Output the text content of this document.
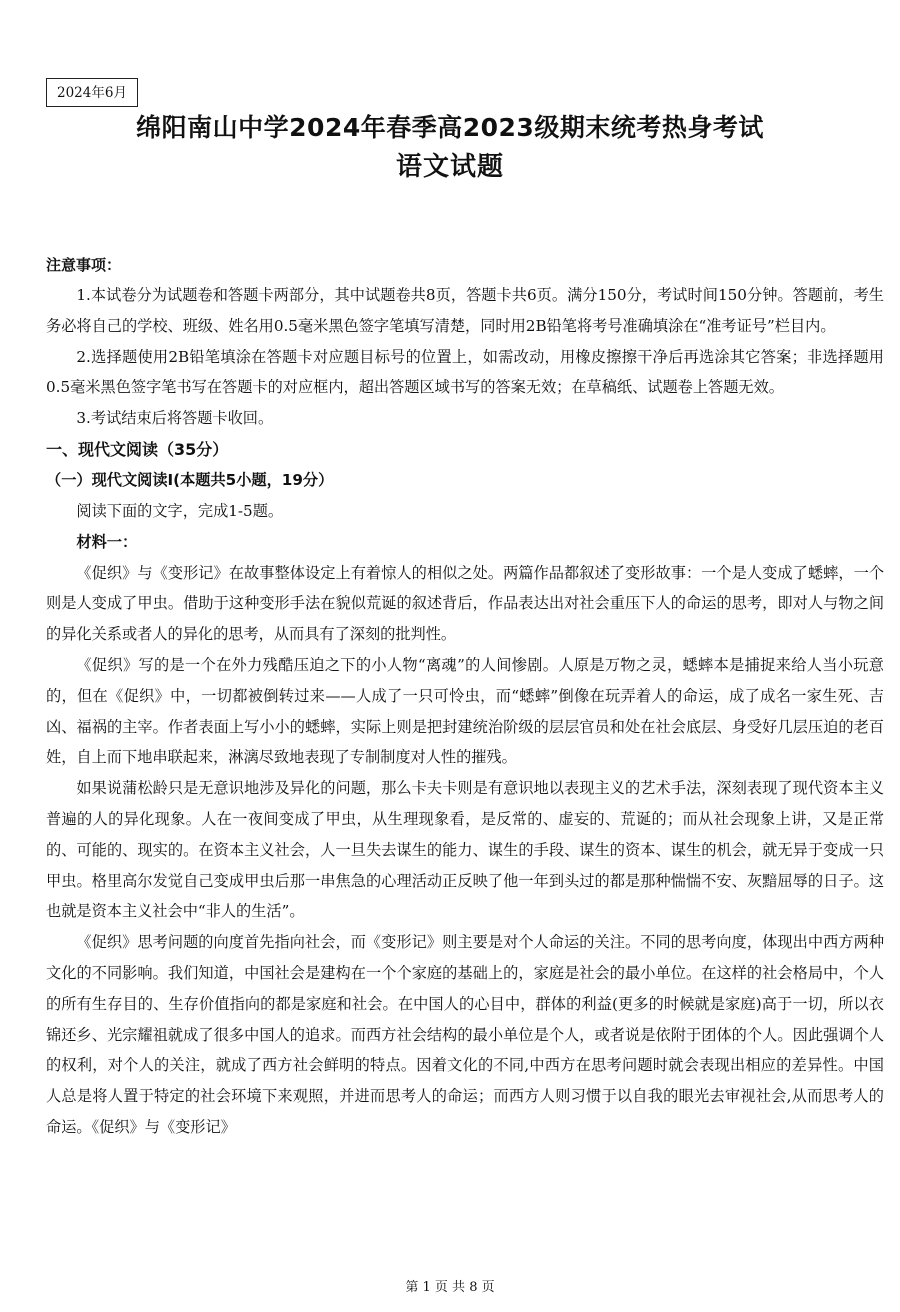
2024年6月
绵阳南山中学2024年春季高2023级期末统考热身考试
语文试题

注意事项：

1.本试卷分为试题卷和答题卡两部分，其中试题卷共8页，答题卡共6页。满分150分，考试时间150分钟。答题前，考生务必将自己的学校、班级、姓名用0.5毫米黑色签字笔填写清楚，同时用2B铅笔将考号准确填涂在“准考证号”栏目内。

2.选择题使用2B铅笔填涂在答题卡对应题目标号的位置上，如需改动，用橡皮擦擦干净后再选涂其它答案；非选择题用0.5毫米黑色签字笔书写在答题卡的对应框内，超出答题区域书写的答案无效；在草稿纸、试题卷上答题无效。

3.考试结束后将答题卡收回。

一、现代文阅读（35分）

（一）现代文阅读Ⅰ(本题共5小题，19分）

阅读下面的文字，完成1-5题。

材料一：

《促织》与《变形记》在故事整体设定上有着惊人的相似之处。两篇作品都叙述了变形故事：一个是人变成了蟋蟀，一个则是人变成了甲虫。借助于这种变形手法在貌似荒诞的叙述背后，作品表达出对社会重压下人的命运的思考，即对人与物之间的异化关系或者人的异化的思考，从而具有了深刻的批判性。

《促织》写的是一个在外力残酷压迫之下的小人物“离魂”的人间惨剧。人原是万物之灵，蟋蟀本是捕捉来给人当小玩意的，但在《促织》中，一切都被倒转过来——人成了一只可怜虫，而“蟋蟀”倒像在玩弄着人的命运，成了成名一家生死、吉凶、福祸的主宰。作者表面上写小小的蟋蟀，实际上则是把封建统治阶级的层层官员和处在社会底层、身受好几层压迫的老百姓，自上而下地串联起来，淋漓尽致地表现了专制制度对人性的摧残。

如果说蒲松龄只是无意识地涉及异化的问题，那么卡夫卡则是有意识地以表现主义的艺术手法，深刻表现了现代资本主义普遍的人的异化现象。人在一夜间变成了甲虫，从生理现象看，是反常的、虚妄的、荒诞的；而从社会现象上讲，又是正常的、可能的、现实的。在资本主义社会，人一旦失去谋生的能力、谋生的手段、谋生的资本、谋生的机会，就无异于变成一只甲虫。格里高尔发觉自己变成甲虫后那一串焦急的心理活动正反映了他一年到头过的都是那种惴惴不安、灰黯屈辱的日子。这也就是资本主义社会中“非人的生活”。

《促织》思考问题的向度首先指向社会，而《变形记》则主要是对个人命运的关注。不同的思考向度，体现出中西方两种文化的不同影响。我们知道，中国社会是建构在一个个家庭的基础上的，家庭是社会的最小单位。在这样的社会格局中，个人的所有生存目的、生存价值指向的都是家庭和社会。在中国人的心目中，群体的利益(更多的时候就是家庭)高于一切，所以衣锦还乡、光宗耀祖就成了很多中国人的追求。而西方社会结构的最小单位是个人，或者说是依附于团体的个人。因此强调个人的权利，对个人的关注，就成了西方社会鲜明的特点。因着文化的不同,中西方在思考问题时就会表现出相应的差异性。中国人总是将人置于特定的社会环境下来观照，并进而思考人的命运；而西方人则习惯于以自我的眼光去审视社会,从而思考人的命运。《促织》与《变形记》

第 1 页 共 8 页
